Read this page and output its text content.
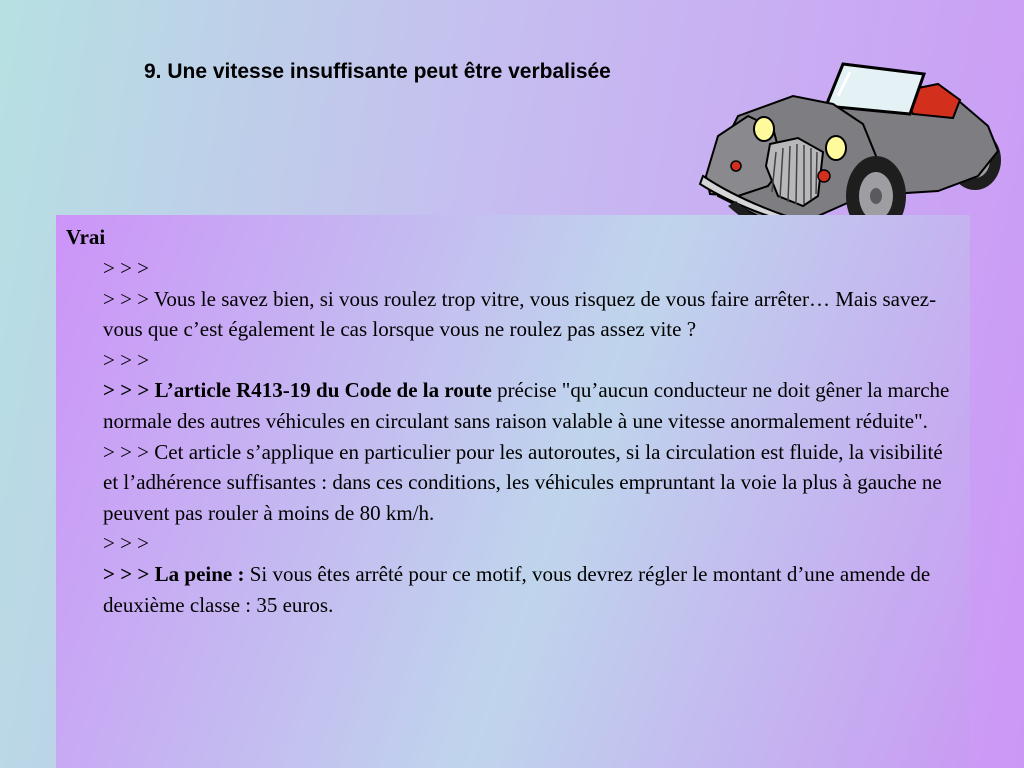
9. Une vitesse insuffisante peut être verbalisée
Vrai

> > >

> > > Vous le savez bien, si vous roulez trop vitre, vous risquez de vous faire arrêter… Mais savez-vous que c’est également le cas lorsque vous ne roulez pas assez vite ?

> > >

> > > L’article R413-19 du Code de la route précise "qu’aucun conducteur ne doit gêner la marche normale des autres véhicules en circulant sans raison valable à une vitesse anormalement réduite".

> > > Cet article s’applique en particulier pour les autoroutes, si la circulation est fluide, la visibilité et l’adhérence suffisantes : dans ces conditions, les véhicules empruntant la voie la plus à gauche ne peuvent pas rouler à moins de 80 km/h.

> > >

> > > La peine : Si vous êtes arrêté pour ce motif, vous devrez régler le montant d’une amende de deuxième classe : 35 euros.
